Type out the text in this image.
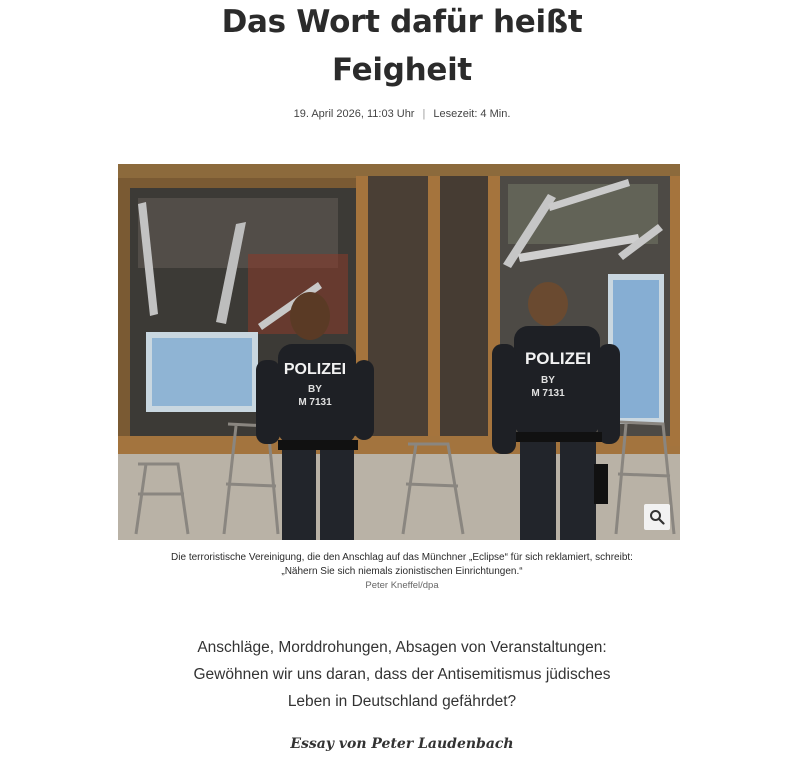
Das Wort dafür heißt
Feigheit
19. April 2026, 11:03 Uhr | Lesezeit: 4 Min.
POLIZEI
BY
M 7131
POLIZEI
BY
M 7131
Die terroristische Vereinigung, die den Anschlag auf das Münchner „Eclipse“ für sich reklamiert, schreibt:
„Nähern Sie sich niemals zionistischen Einrichtungen.“
Peter Kneffel/dpa
Anschläge, Morddrohungen, Absagen von Veranstaltungen:
Gewöhnen wir uns daran, dass der Antisemitismus jüdisches
Leben in Deutschland gefährdet?
Essay von Peter Laudenbach
